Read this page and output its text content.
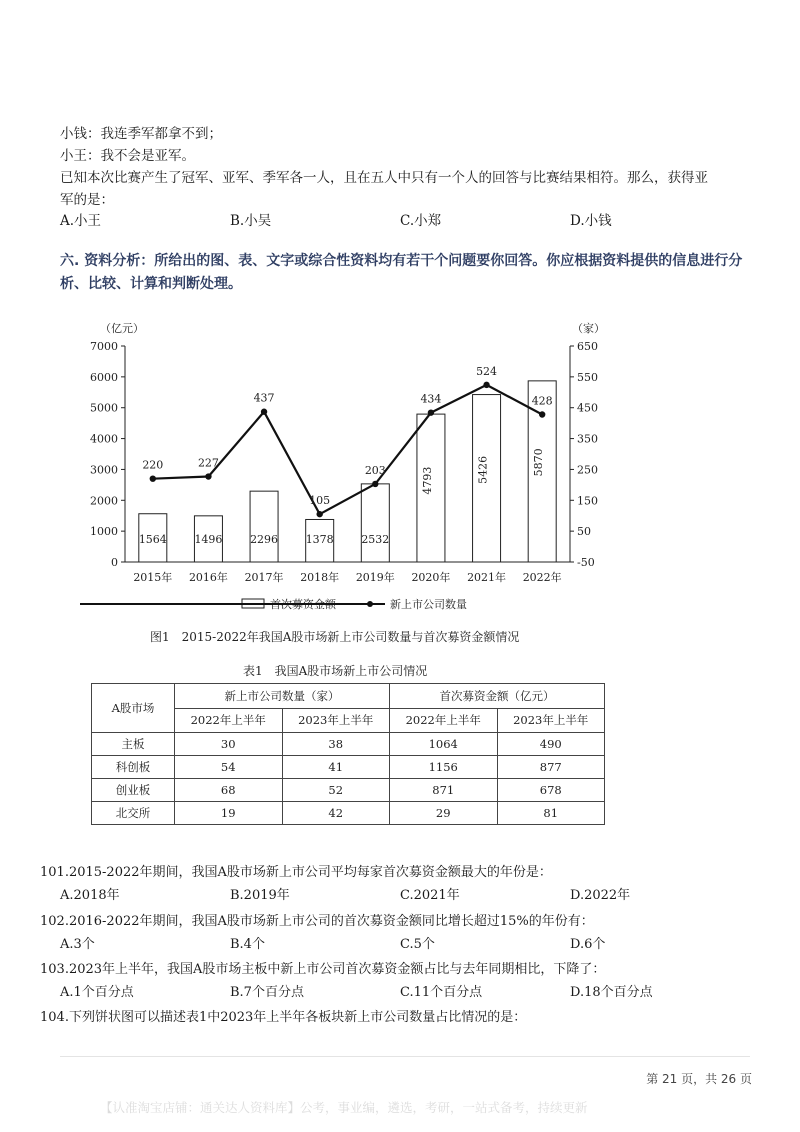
小钱：我连季军都拿不到；
小王：我不会是亚军。
已知本次比赛产生了冠军、亚军、季军各一人，且在五人中只有一个人的回答与比赛结果相符。那么，获得亚
军的是：
A.小王	B.小吴	C.小郑	D.小钱
六. 资料分析：所给出的图、表、文字或综合性资料均有若干个问题要你回答。你应根据资料提供的信息进行分析、比较、计算和判断处理。
（亿元）	（家）
0
1000
2000
3000
4000
5000
6000
7000
-50
50
150
250
350
450
550
650
1564	1496	2296	1378	2532
4793	5426	5870
220	227
437
105
203
434
524
428
2015年 2016年 2017年 2018年 2019年 2020年 2021年 2022年
首次募资金额	新上市公司数量
图1　2015-2022年我国A股市场新上市公司数量与首次募资金额情况
表1　我国A股市场新上市公司情况
A股市场	新上市公司数量（家）		首次募资金额（亿元）	
	2022年上半年	2023年上半年	2022年上半年	2023年上半年
主板	30	38	1064	490
科创板	54	41	1156	877
创业板	68	52	871	678
北交所	19	42	29	81
101.2015-2022年期间，我国A股市场新上市公司平均每家首次募资金额最大的年份是：
A.2018年	B.2019年	C.2021年	D.2022年
102.2016-2022年期间，我国A股市场新上市公司的首次募资金额同比增长超过15%的年份有：
A.3个	B.4个	C.5个	D.6个
103.2023年上半年，我国A股市场主板中新上市公司首次募资金额占比与去年同期相比，下降了：
A.1个百分点	B.7个百分点	C.11个百分点	D.18个百分点
104.下列饼状图可以描述表1中2023年上半年各板块新上市公司数量占比情况的是：
第 21 页，共 26 页
【认准淘宝店铺：通关达人资料库】公考，事业编，遴选，考研，一站式备考，持续更新
